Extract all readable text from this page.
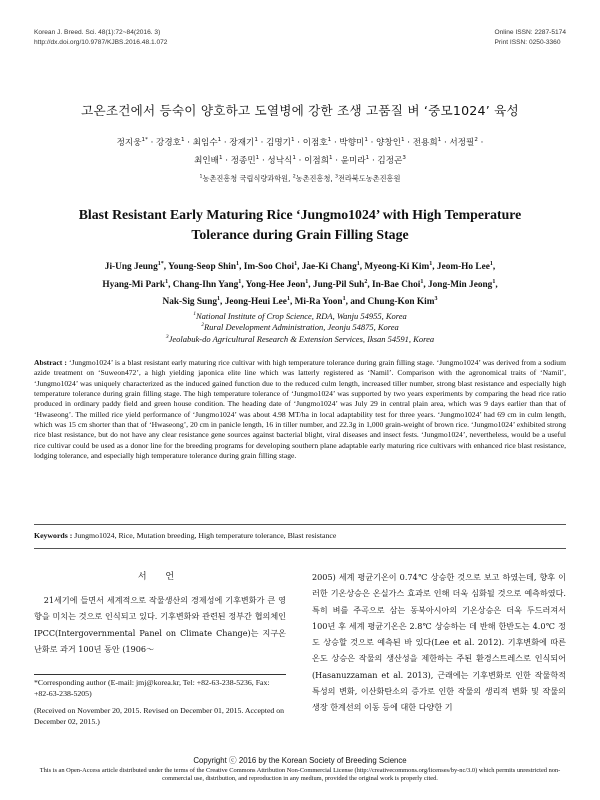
Korean J. Breed. Sci. 48(1):72~84(2016. 3)
http://dx.doi.org/10.9787/KJBS.2016.48.1.072
Online ISSN: 2287-5174
Print ISSN: 0250-3360
고온조건에서 등숙이 양호하고 도열병에 강한 조생 고품질 벼 ‘중모1024’ 육성
정지웅$^{1*}$ · 강경호$^1$ · 최임수$^1$ · 장재기$^1$ · 김명기$^1$ · 이점호$^1$ · 박향미$^1$ · 양창인$^1$ · 전용희$^1$ · 서정필$^2$ ·
최인배$^1$ · 정종민$^1$ · 성낙식$^1$ · 이점희$^1$ · 윤미라$^1$ · 김정곤$^3$
$^1$농촌진흥청 국립식량과학원, $^2$농촌진흥청, $^3$전라북도농촌진흥원
Blast Resistant Early Maturing Rice ‘Jungmo1024’ with High Temperature
Tolerance during Grain Filling Stage
Ji-Ung Jeung$^{1*}$, Young-Seop Shin$^1$, Im-Soo Choi$^1$, Jae-Ki Chang$^1$, Myeong-Ki Kim$^1$, Jeom-Ho Lee$^1$,
Hyang-Mi Park$^1$, Chang-Ihn Yang$^1$, Yong-Hee Jeon$^1$, Jung-Pil Suh$^2$, In-Bae Choi$^1$, Jong-Min Jeong$^1$,
Nak-Sig Sung$^1$, Jeong-Heui Lee$^1$, Mi-Ra Yoon$^1$, and Chung-Kon Kim$^3$
$^1$National Institute of Crop Science, RDA, Wanju 54955, Korea
$^2$Rural Development Administration, Jeonju 54875, Korea
$^3$Jeolabuk-do Agricultural Research & Extension Services, Iksan 54591, Korea
Abstract : ‘Jungmo1024’ is a blast resistant early maturing rice cultivar with high temperature tolerance during grain filling stage. ‘Jungmo1024’ was derived from a sodium azide treatment on ‘Suweon472’, a high yielding japonica elite line which was latterly registered as ‘Namil’. Comparison with the agronomical traits of ‘Namil’, ‘Jungmo1024’ was uniquely characterized as the induced gained function due to the reduced culm length, increased tiller number, strong blast resistance and especially high temperature tolerance during grain filling stage. The high temperature tolerance of ‘Jungmo1024’ was supported by two years experiments by comparing the head rice ratio produced in ordinary paddy field and green house condition. The heading date of ‘Jungmo1024’ was July 29 in central plain area, which was 9 days earlier than that of ‘Hwaseong’. The milled rice yield performance of ‘Jungmo1024’ was about 4.98 MT/ha in local adaptability test for three years. ‘Jungmo1024’ had 69 cm in culm length, which was 15 cm shorter than that of ‘Hwaseong’, 20 cm in panicle length, 16 in tiller number, and 22.3g in 1,000 grain-weight of brown rice. ‘Jungmo1024’ exhibited strong rice blast resistance, but do not have any clear resistance gene sources against bacterial blight, viral diseases and insect fests. ‘Jungmo1024’, nevertheless, would be a useful rice cultivar could be used as a donor line for the breeding programs for developing southern plane adaptable early maturing rice cultivars with enhanced rice blast resistance, lodging tolerance, and especially high temperature tolerance during grain filling stage.
Keywords : Jungmo1024, Rice, Mutation breeding, High temperature tolerance, Blast resistance
서 언
21세기에 들면서 세계적으로 작물생산의 경제성에 기후변화가 큰 영향을 미치는 것으로 인식되고 있다. 기후변화와 관련된 정부간 협의체인 IPCC(Intergovernmental Panel on Climate Change)는 지구온난화로 과거 100년 동안 (1906～
2005) 세계 평균기온이 0.74℃ 상승한 것으로 보고 하였는데, 향후 이러한 기온상승은 온실가스 효과로 인해 더욱 심화될 것으로 예측하였다. 특히 벼를 주곡으로 삼는 동북아시아의 기온상승은 더욱 두드러져서 100년 후 세계 평균기온은 2.8℃ 상승하는 데 반해 한반도는 4.0℃ 정도 상승할 것으로 예측된 바 있다(Lee et al. 2012). 기후변화에 따른 온도 상승은 작물의 생산성을 제한하는 주된 환경스트레스로 인식되어 (Hasanuzzaman et al. 2013), 근래에는 기후변화로 인한 작물학적 특성의 변화, 이산화탄소의 증가로 인한 작물의 생리적 변화 및 작물의 생장 한계선의 이동 등에 대한 다양한 기
*Corresponding author (E-mail: jmj@korea.kr, Tel: +82-63-238-5236, Fax: +82-63-238-5205)
(Received on November 20, 2015. Revised on December 01, 2015. Accepted on December 02, 2015.)
Copyright ⓒ 2016 by the Korean Society of Breeding Science
This is an Open-Access article distributed under the terms of the Creative Commons Attribution Non-Commercial License (http://creativecommons.org/licenses/by-nc/3.0) which permits unrestricted non-commercial use, distribution, and reproduction in any medium, provided the original work is properly cited.
